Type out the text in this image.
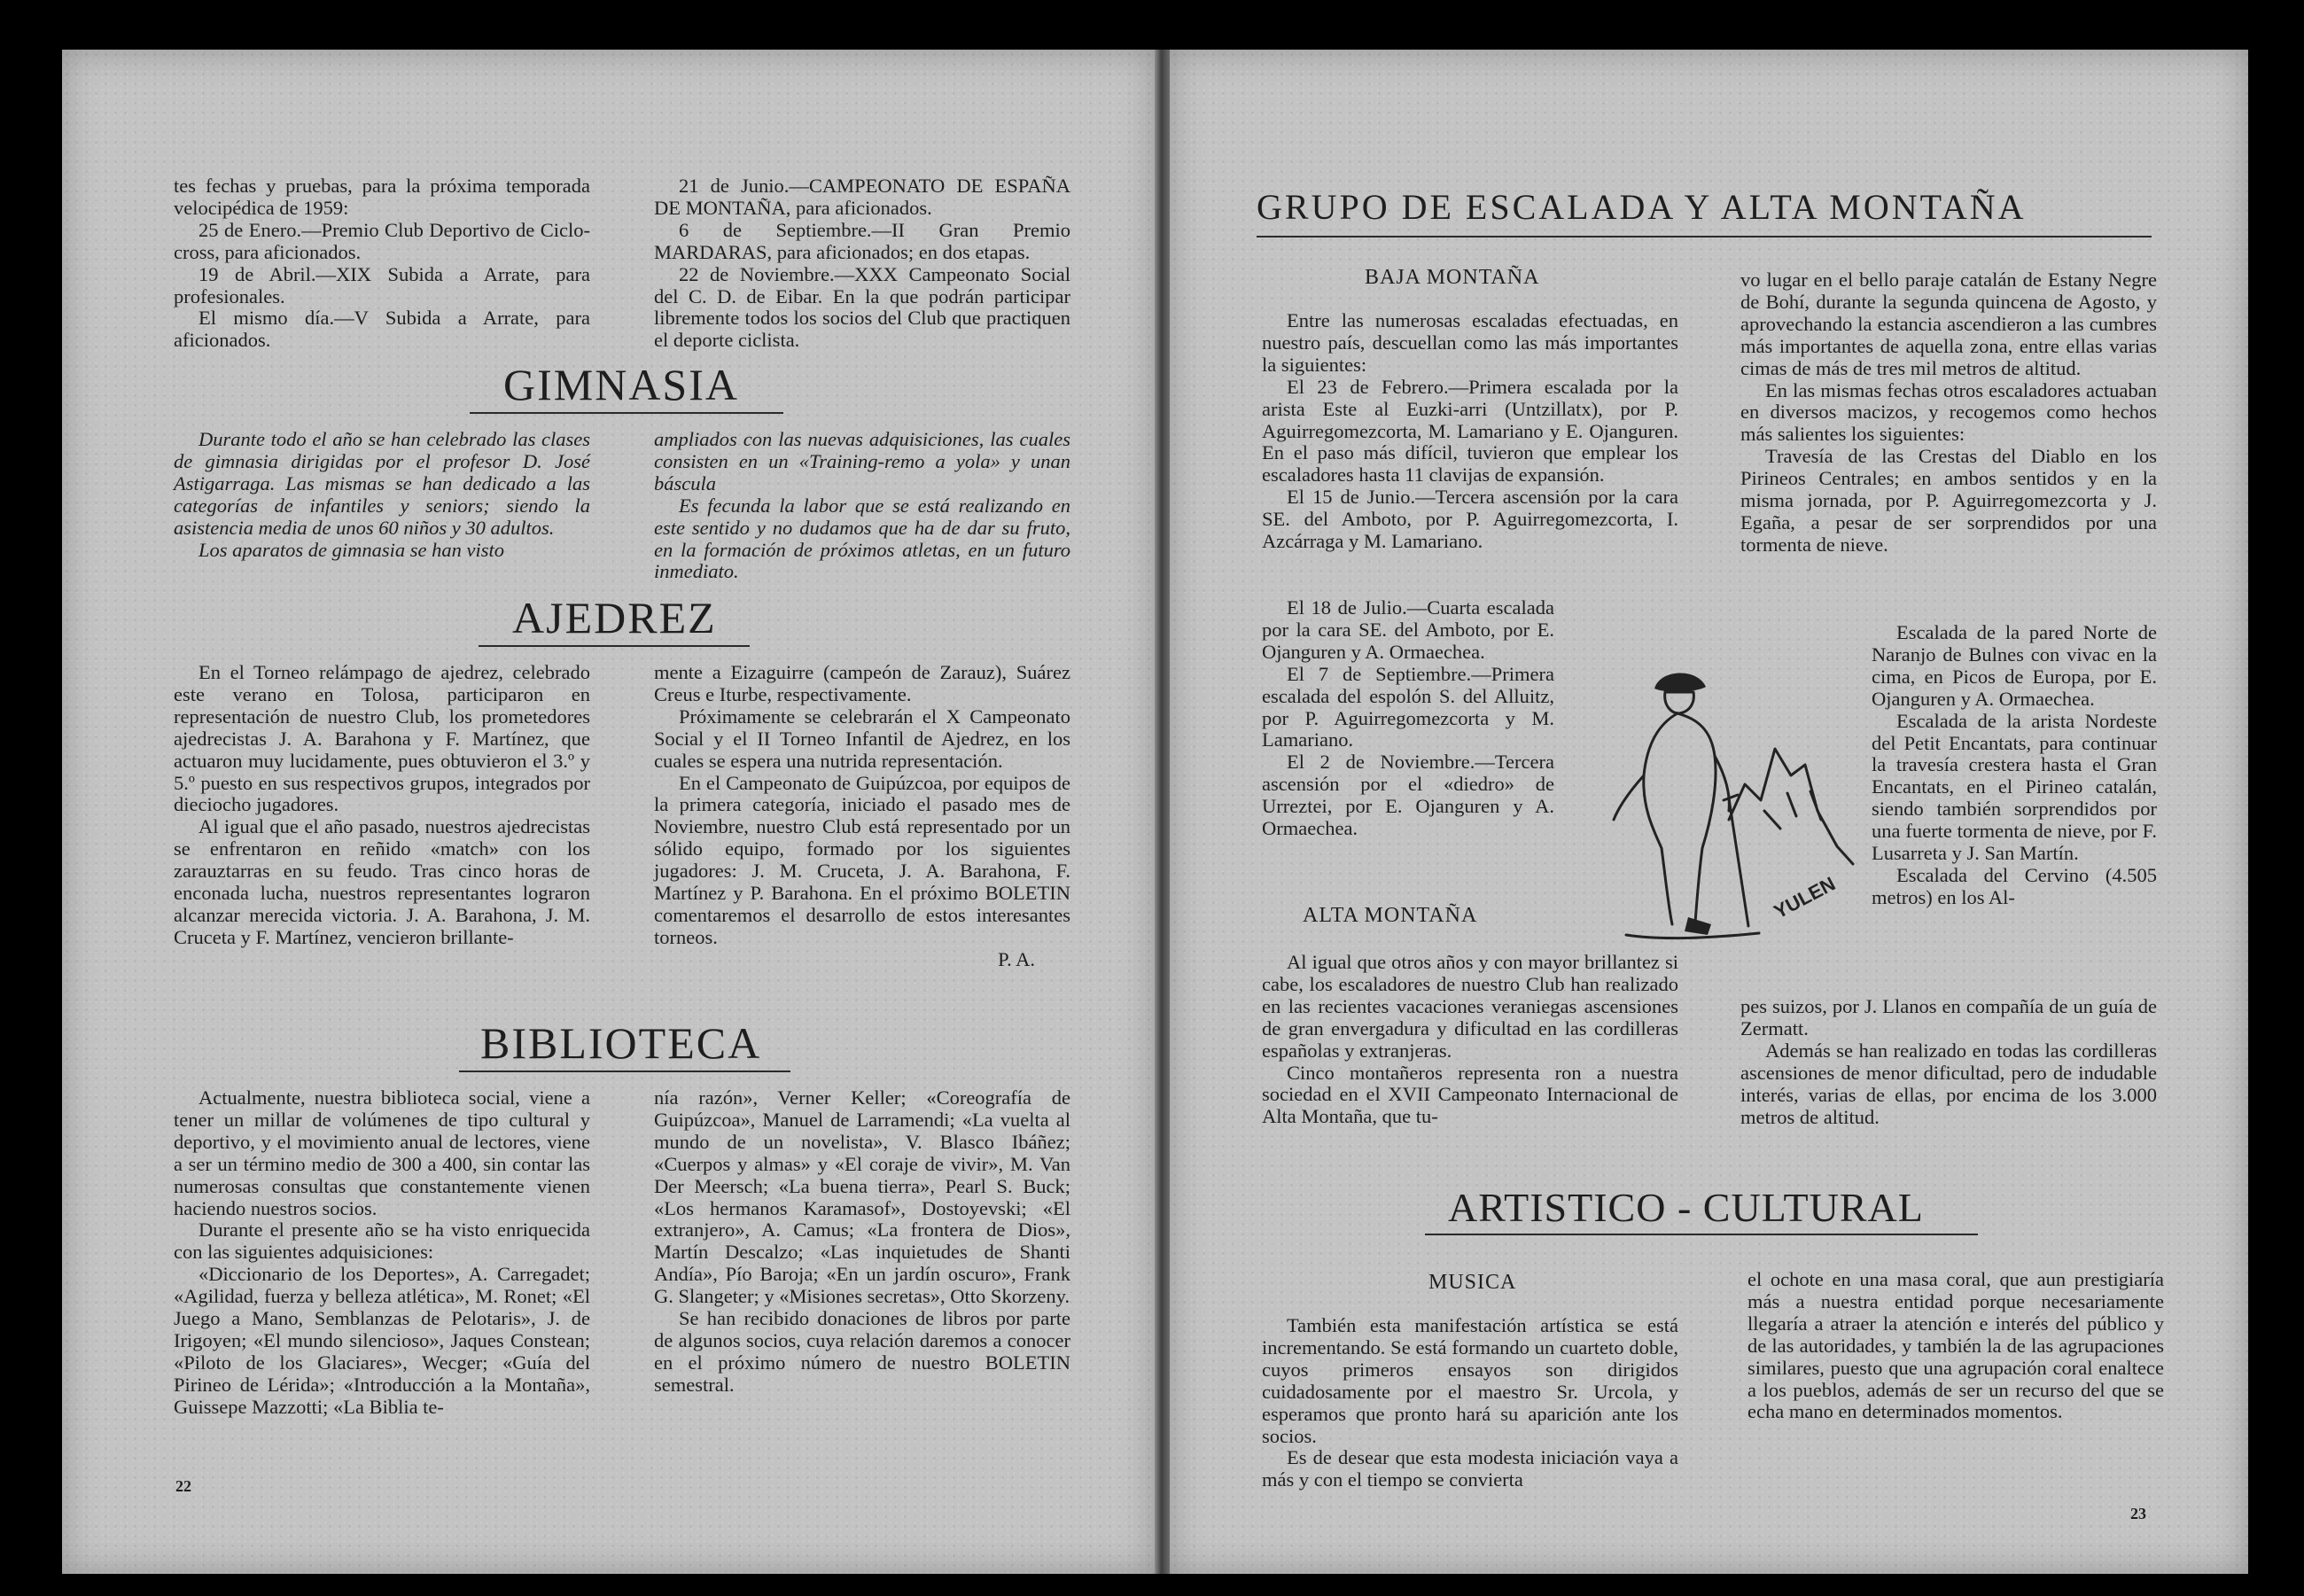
tes fechas y pruebas, para la próxima temporada velocipédica de 1959:

25 de Enero.—Premio Club Deportivo de Ciclo-cross, para aficionados.

19 de Abril.—XIX Subida a Arrate, para profesionales.

El mismo día.—V Subida a Arrate, para aficionados.

21 de Junio.—CAMPEONATO DE ESPAÑA DE MONTAÑA, para aficionados.

6 de Septiembre.—II Gran Premio MARDARAS, para aficionados; en dos etapas.

22 de Noviembre.—XXX Campeonato Social del C. D. de Eibar. En la que podrán participar libremente todos los socios del Club que practiquen el deporte ciclista.

GIMNASIA

Durante todo el año se han celebrado las clases de gimnasia dirigidas por el profesor D. José Astigarraga. Las mismas se han dedicado a las categorías de infantiles y seniors; siendo la asistencia media de unos 60 niños y 30 adultos.

Los aparatos de gimnasia se han visto

ampliados con las nuevas adquisiciones, las cuales consisten en un «Training-remo a yola» y unan báscula

Es fecunda la labor que se está realizando en este sentido y no dudamos que ha de dar su fruto, en la formación de próximos atletas, en un futuro inmediato.

AJEDREZ

En el Torneo relámpago de ajedrez, celebrado este verano en Tolosa, participaron en representación de nuestro Club, los prometedores ajedrecistas J. A. Barahona y F. Martínez, que actuaron muy lucidamente, pues obtuvieron el 3.º y 5.º puesto en sus respectivos grupos, integrados por dieciocho jugadores.

Al igual que el año pasado, nuestros ajedrecistas se enfrentaron en reñido «match» con los zarauztarras en su feudo. Tras cinco horas de enconada lucha, nuestros representantes lograron alcanzar merecida victoria. J. A. Barahona, J. M. Cruceta y F. Martínez, vencieron brillante-

mente a Eizaguirre (campeón de Zarauz), Suárez Creus e Iturbe, respectivamente.

Próximamente se celebrarán el X Campeonato Social y el II Torneo Infantil de Ajedrez, en los cuales se espera una nutrida representación.

En el Campeonato de Guipúzcoa, por equipos de la primera categoría, iniciado el pasado mes de Noviembre, nuestro Club está representado por un sólido equipo, formado por los siguientes jugadores: J. M. Cruceta, J. A. Barahona, F. Martínez y P. Barahona. En el próximo BOLETIN comentaremos el desarrollo de estos interesantes torneos.

P. A.

BIBLIOTECA

Actualmente, nuestra biblioteca social, viene a tener un millar de volúmenes de tipo cultural y deportivo, y el movimiento anual de lectores, viene a ser un término medio de 300 a 400, sin contar las numerosas consultas que constantemente vienen haciendo nuestros socios.

Durante el presente año se ha visto enriquecida con las siguientes adquisiciones:

«Diccionario de los Deportes», A. Carregadet; «Agilidad, fuerza y belleza atlética», M. Ronet; «El Juego a Mano, Semblanzas de Pelotaris», J. de Irigoyen; «El mundo silencioso», Jaques Constean; «Piloto de los Glaciares», Wecger; «Guía del Pirineo de Lérida»; «Introducción a la Montaña», Guissepe Mazzotti; «La Biblia te-

nía razón», Verner Keller; «Coreografía de Guipúzcoa», Manuel de Larramendi; «La vuelta al mundo de un novelista», V. Blasco Ibáñez; «Cuerpos y almas» y «El coraje de vivir», M. Van Der Meersch; «La buena tierra», Pearl S. Buck; «Los hermanos Karamasof», Dostoyevski; «El extranjero», A. Camus; «La frontera de Dios», Martín Descalzo; «Las inquietudes de Shanti Andía», Pío Baroja; «En un jardín oscuro», Frank G. Slangeter; y «Misiones secretas», Otto Skorzeny.

Se han recibido donaciones de libros por parte de algunos socios, cuya relación daremos a conocer en el próximo número de nuestro BOLETIN semestral.

22
GRUPO DE ESCALADA Y ALTA MONTAÑA
BAJA MONTAÑA

Entre las numerosas escaladas efectuadas, en nuestro país, descuellan como las más importantes la siguientes:

El 23 de Febrero.—Primera escalada por la arista Este al Euzki-arri (Untzillatx), por P. Aguirregomezcorta, M. Lamariano y E. Ojanguren. En el paso más difícil, tuvieron que emplear los escaladores hasta 11 clavijas de expansión.

El 15 de Junio.—Tercera ascensión por la cara SE. del Amboto, por P. Aguirregomezcorta, I. Azcárraga y M. Lamariano.

El 18 de Julio.—Cuarta escalada por la cara SE. del Amboto, por E. Ojanguren y A. Ormaechea.

El 7 de Septiembre.—Primera escalada del espolón S. del Alluitz, por P. Aguirregomezcorta y M. Lamariano.

El 2 de Noviembre.—Tercera ascensión por el «diedro» de Urreztei, por E. Ojanguren y A. Ormaechea.

ALTA MONTAÑA

Al igual que otros años y con mayor brillantez si cabe, los escaladores de nuestro Club han realizado en las recientes vacaciones veraniegas ascensiones de gran envergadura y dificultad en las cordilleras españolas y extranjeras.

Cinco montañeros representa ron a nuestra sociedad en el XVII Campeonato Internacional de Alta Montaña, que tu-

vo lugar en el bello paraje catalán de Estany Negre de Bohí, durante la segunda quincena de Agosto, y aprovechando la estancia ascendieron a las cumbres más importantes de aquella zona, entre ellas varias cimas de más de tres mil metros de altitud.

En las mismas fechas otros escaladores actuaban en diversos macizos, y recogemos como hechos más salientes los siguientes:

Travesía de las Crestas del Diablo en los Pirineos Centrales; en ambos sentidos y en la misma jornada, por P. Aguirregomezcorta y J. Egaña, a pesar de ser sorprendidos por una tormenta de nieve.

Escalada de la pared Norte de Naranjo de Bulnes con vivac en la cima, en Picos de Europa, por E. Ojanguren y A. Ormaechea.

Escalada de la arista Nordeste del Petit Encantats, para continuar la travesía crestera hasta el Gran Encantats, en el Pirineo catalán, siendo también sorprendidos por una fuerte tormenta de nieve, por F. Lusarreta y J. San Martín.

Escalada del Cervino (4.505 metros) en los Al-

pes suizos, por J. Llanos en compañía de un guía de Zermatt.

Además se han realizado en todas las cordilleras ascensiones de menor dificultad, pero de indudable interés, varias de ellas, por encima de los 3.000 metros de altitud.

YULEN
ARTISTICO - CULTURAL
MUSICA

También esta manifestación artística se está incrementando. Se está formando un cuarteto doble, cuyos primeros ensayos son dirigidos cuidadosamente por el maestro Sr. Urcola, y esperamos que pronto hará su aparición ante los socios.

Es de desear que esta modesta iniciación vaya a más y con el tiempo se convierta

el ochote en una masa coral, que aun prestigiaría más a nuestra entidad porque necesariamente llegaría a atraer la atención e interés del público y de las autoridades, y también la de las agrupaciones similares, puesto que una agrupación coral enaltece a los pueblos, además de ser un recurso del que se echa mano en determinados momentos.

23
